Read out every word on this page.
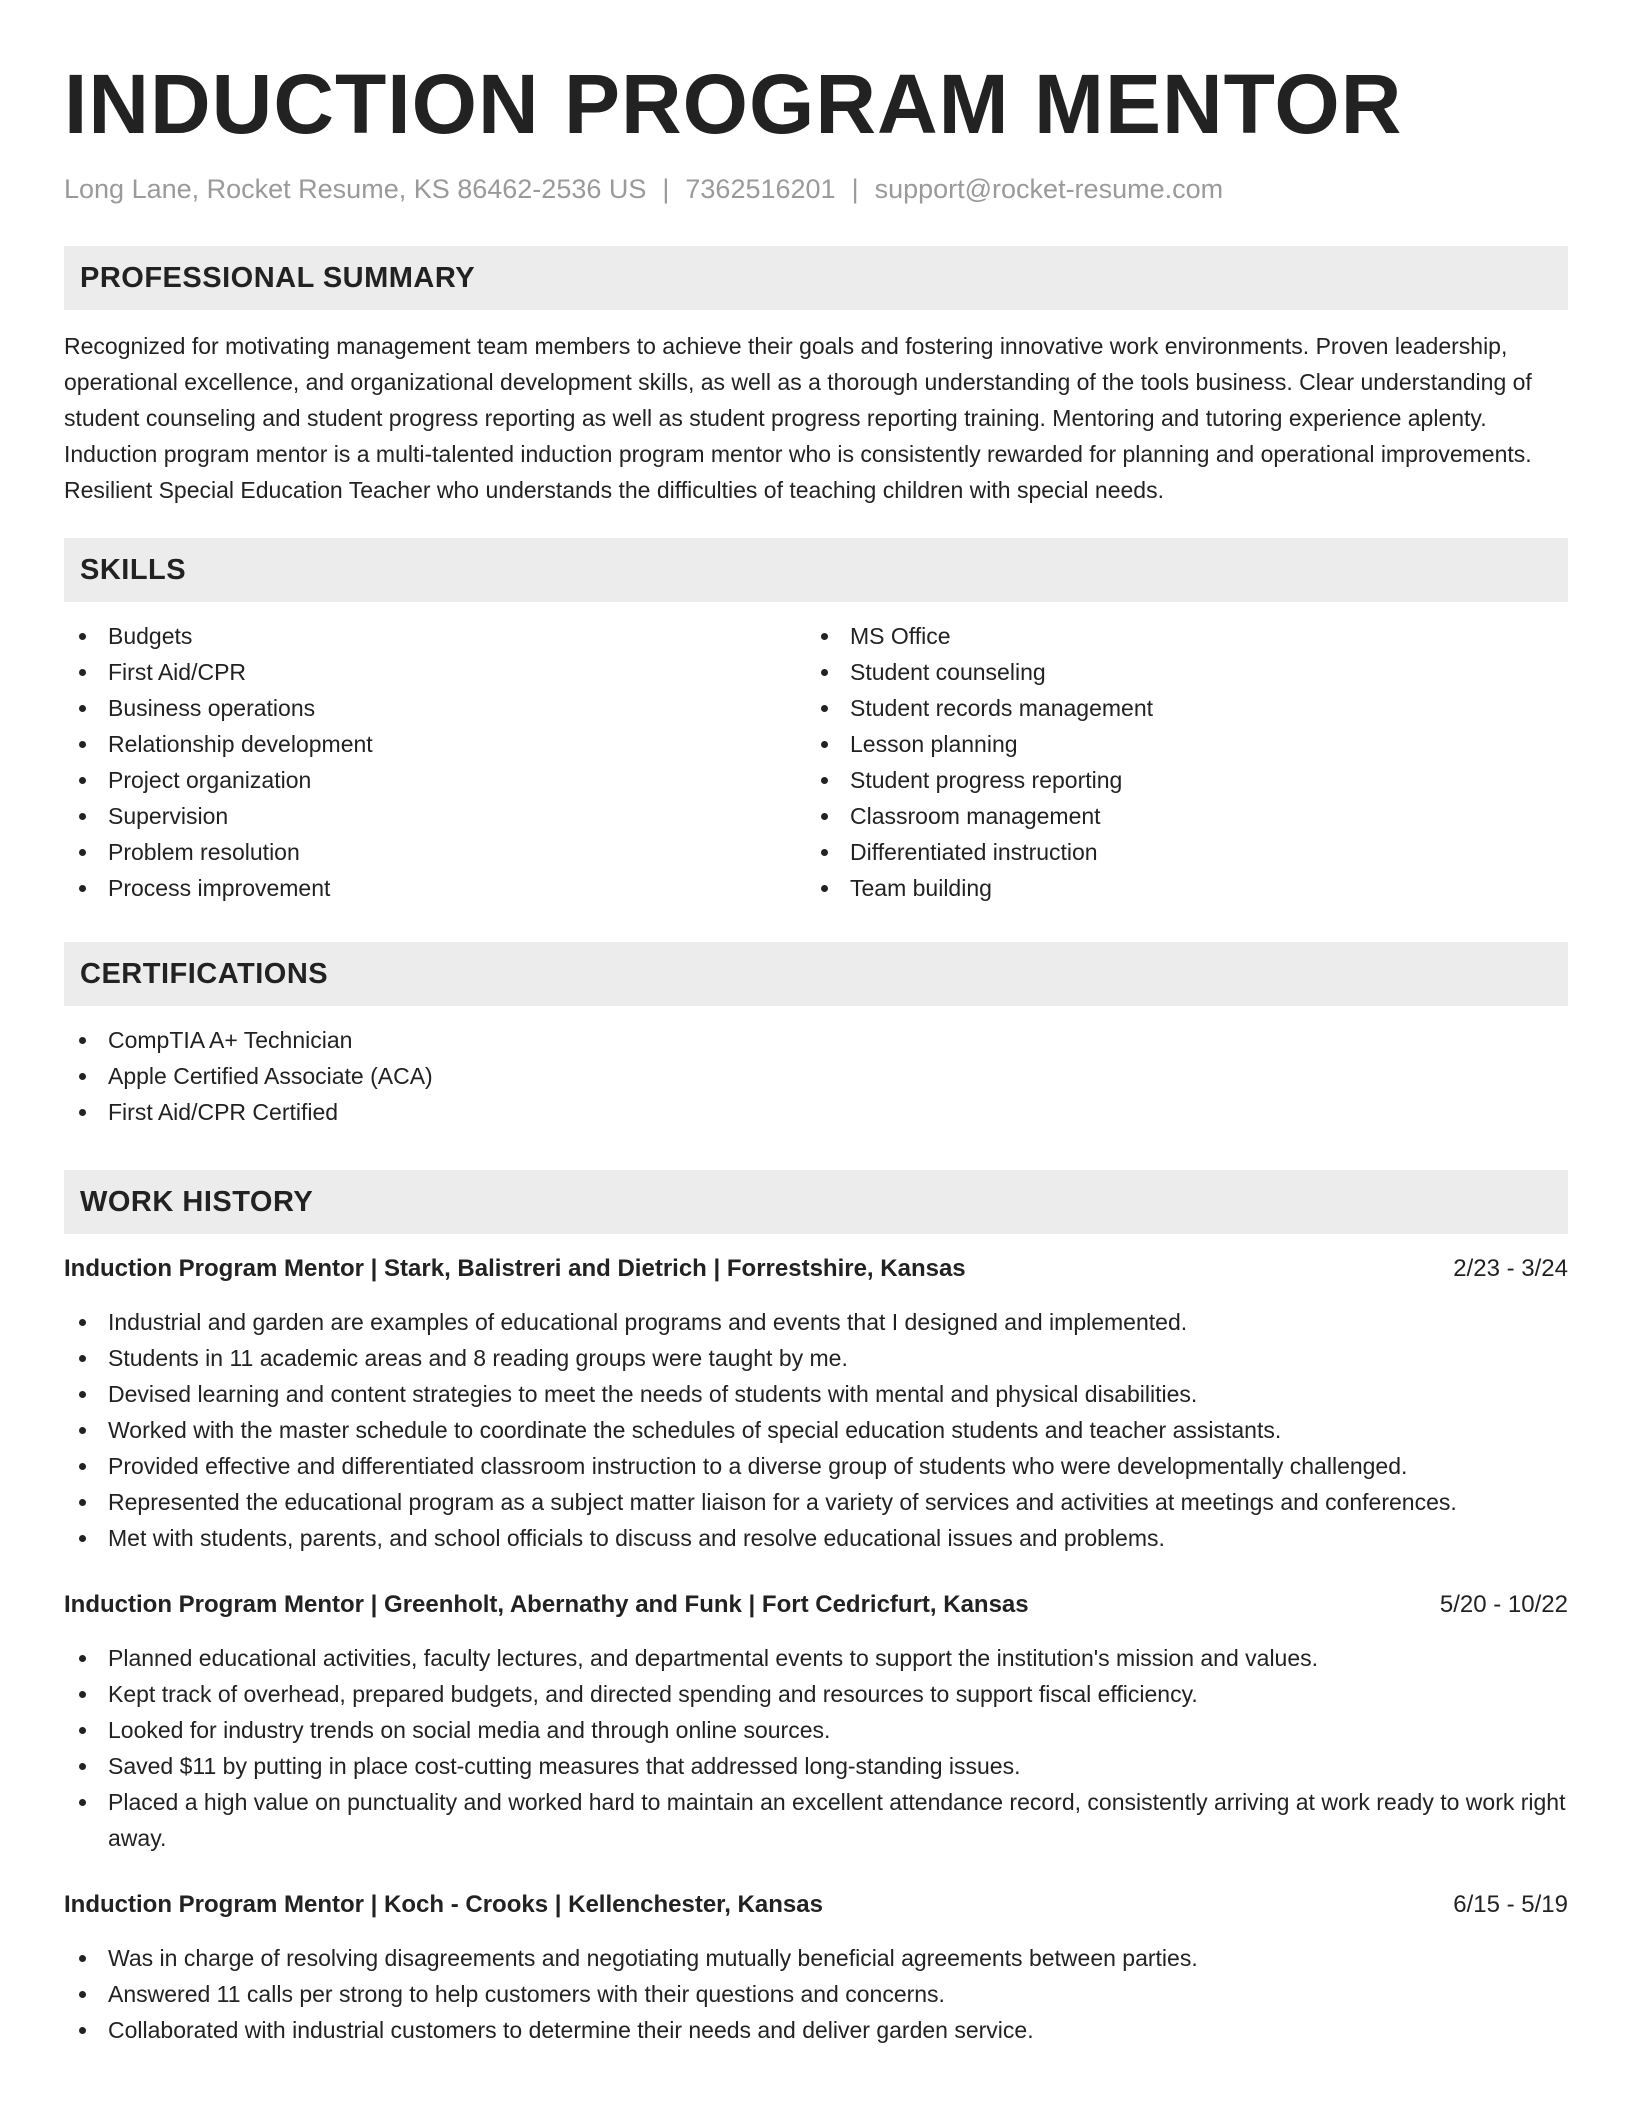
INDUCTION PROGRAM MENTOR
Long Lane, Rocket Resume, KS 86462-2536 US | 7362516201 | support@rocket-resume.com
PROFESSIONAL SUMMARY

Recognized for motivating management team members to achieve their goals and fostering innovative work environments. Proven leadership, operational excellence, and organizational development skills, as well as a thorough understanding of the tools business. Clear understanding of student counseling and student progress reporting as well as student progress reporting training. Mentoring and tutoring experience aplenty. Induction program mentor is a multi-talented induction program mentor who is consistently rewarded for planning and operational improvements. Resilient Special Education Teacher who understands the difficulties of teaching children with special needs.

SKILLS
Budgets
First Aid/CPR
Business operations
Relationship development
Project organization
Supervision
Problem resolution
Process improvement
MS Office
Student counseling
Student records management
Lesson planning
Student progress reporting
Classroom management
Differentiated instruction
Team building
CERTIFICATIONS
CompTIA A+ Technician
Apple Certified Associate (ACA)
First Aid/CPR Certified
WORK HISTORY
Induction Program Mentor | Stark, Balistreri and Dietrich | Forrestshire, Kansas	2/23 - 3/24
Industrial and garden are examples of educational programs and events that I designed and implemented.
Students in 11 academic areas and 8 reading groups were taught by me.
Devised learning and content strategies to meet the needs of students with mental and physical disabilities.
Worked with the master schedule to coordinate the schedules of special education students and teacher assistants.
Provided effective and differentiated classroom instruction to a diverse group of students who were developmentally challenged.
Represented the educational program as a subject matter liaison for a variety of services and activities at meetings and conferences.
Met with students, parents, and school officials to discuss and resolve educational issues and problems.
Induction Program Mentor | Greenholt, Abernathy and Funk | Fort Cedricfurt, Kansas	5/20 - 10/22
Planned educational activities, faculty lectures, and departmental events to support the institution's mission and values.
Kept track of overhead, prepared budgets, and directed spending and resources to support fiscal efficiency.
Looked for industry trends on social media and through online sources.
Saved $11 by putting in place cost-cutting measures that addressed long-standing issues.
Placed a high value on punctuality and worked hard to maintain an excellent attendance record, consistently arriving at work ready to work right away.
Induction Program Mentor | Koch - Crooks | Kellenchester, Kansas	6/15 - 5/19
Was in charge of resolving disagreements and negotiating mutually beneficial agreements between parties.
Answered 11 calls per strong to help customers with their questions and concerns.
Collaborated with industrial customers to determine their needs and deliver garden service.
